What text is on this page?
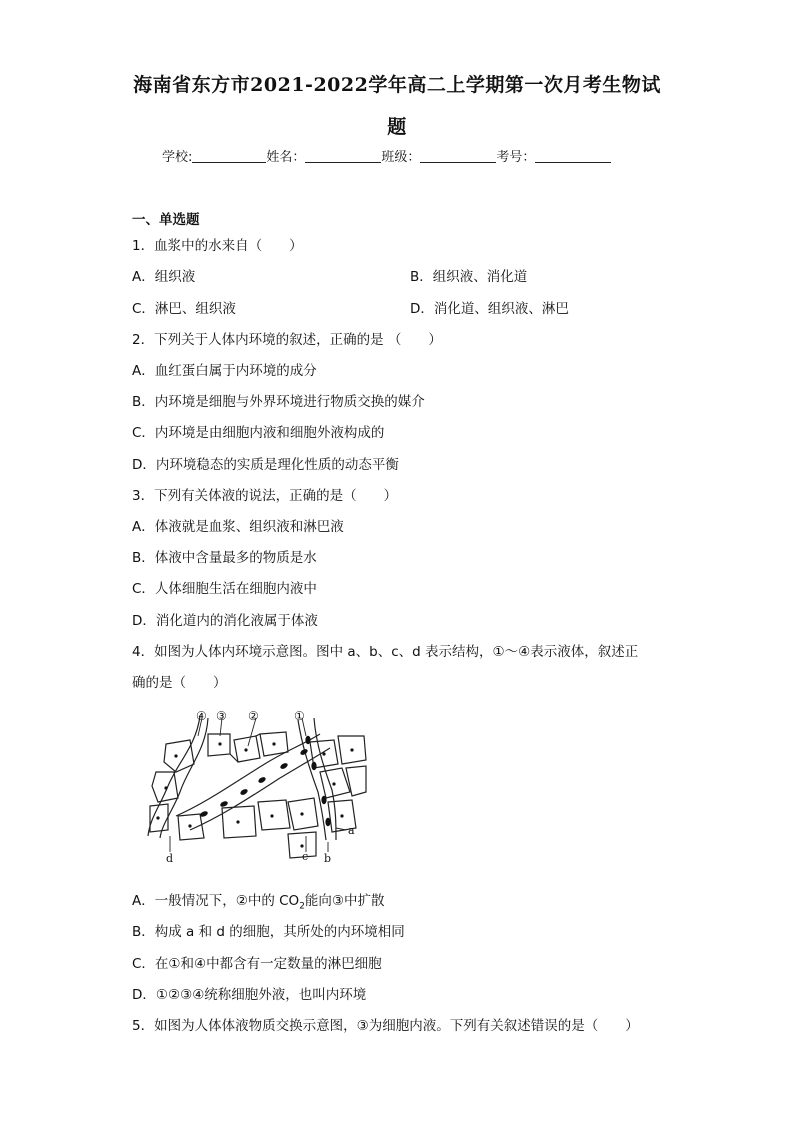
海南省东方市2021-2022学年高二上学期第一次月考生物试
题
学校:	姓名：	班级：	考号：
一、单选题
1．血浆中的水来自（　　）
A．组织液	B．组织液、消化道
C．淋巴、组织液	D．消化道、组织液、淋巴
2．下列关于人体内环境的叙述，正确的是 （　　）
A．血红蛋白属于内环境的成分
B．内环境是细胞与外界环境进行物质交换的媒介
C．内环境是由细胞内液和细胞外液构成的
D．内环境稳态的实质是理化性质的动态平衡
3．下列有关体液的说法，正确的是（　　）
A．体液就是血浆、组织液和淋巴液
B．体液中含量最多的物质是水
C．人体细胞生活在细胞内液中
D．消化道内的消化液属于体液
4．如图为人体内环境示意图。图中 a、b、c、d 表示结构，①～④表示液体，叙述正
确的是（　　）
④ ③ ②	①
a
b
c
d
A．一般情况下，②中的 $CO_2$能向③中扩散
B．构成 a 和 d 的细胞，其所处的内环境相同
C．在①和④中都含有一定数量的淋巴细胞
D．①②③④统称细胞外液，也叫内环境
5．如图为人体体液物质交换示意图，③为细胞内液。下列有关叙述错误的是（　　）
